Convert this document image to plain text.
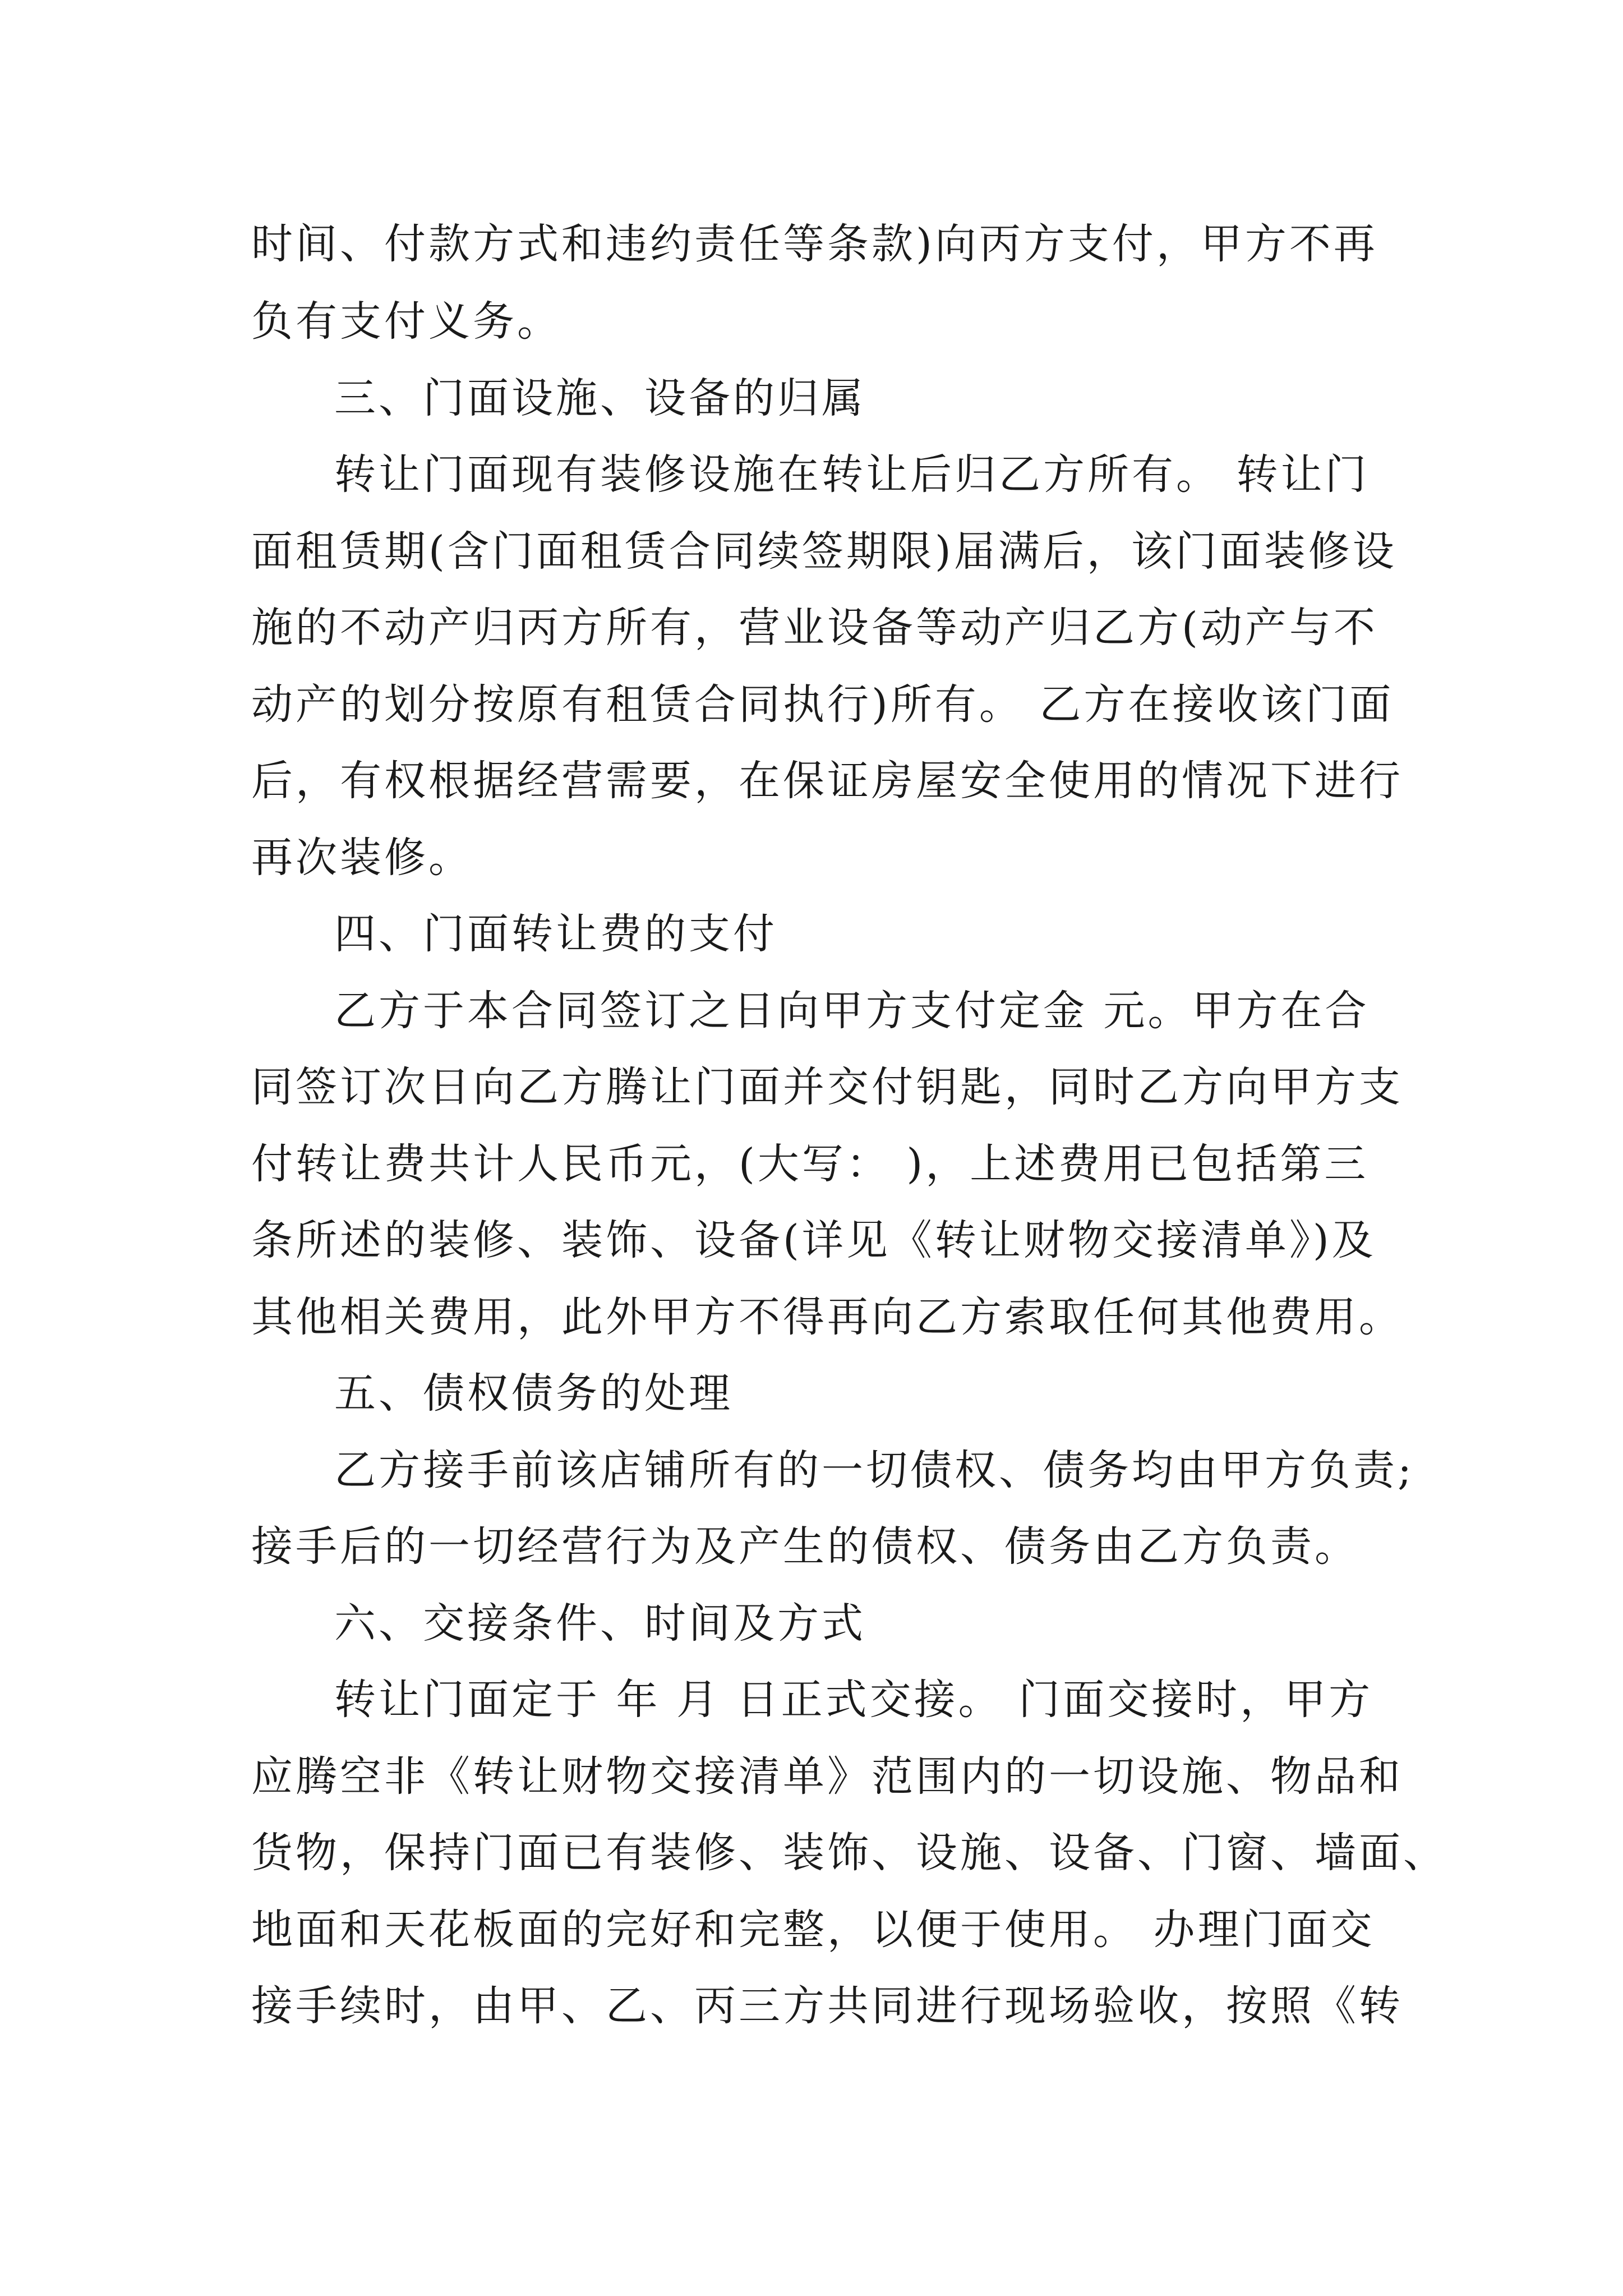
时间、付款方式和违约责任等条款)向丙方支付，甲方不再
负有支付义务。
三、门面设施、设备的归属
转让门面现有装修设施在转让后归乙方所有。 转让门
面租赁期(含门面租赁合同续签期限)届满后，该门面装修设
施的不动产归丙方所有，营业设备等动产归乙方(动产与不
动产的划分按原有租赁合同执行)所有。 乙方在接收该门面
后，有权根据经营需要，在保证房屋安全使用的情况下进行
再次装修。
四、门面转让费的支付
乙方于本合同签订之日向甲方支付定金 元。甲方在合
同签订次日向乙方腾让门面并交付钥匙，同时乙方向甲方支
付转让费共计人民币元，(大写： )，上述费用已包括第三
条所述的装修、装饰、设备(详见《转让财物交接清单》)及
其他相关费用，此外甲方不得再向乙方索取任何其他费用。
五、债权债务的处理
乙方接手前该店铺所有的一切债权、债务均由甲方负责;
接手后的一切经营行为及产生的债权、债务由乙方负责。
六、交接条件、时间及方式
转让门面定于 年 月 日正式交接。 门面交接时，甲方
应腾空非《转让财物交接清单》范围内的一切设施、物品和
货物，保持门面已有装修、装饰、设施、设备、门窗、墙面、
地面和天花板面的完好和完整，以便于使用。 办理门面交
接手续时，由甲、乙、丙三方共同进行现场验收，按照《转
